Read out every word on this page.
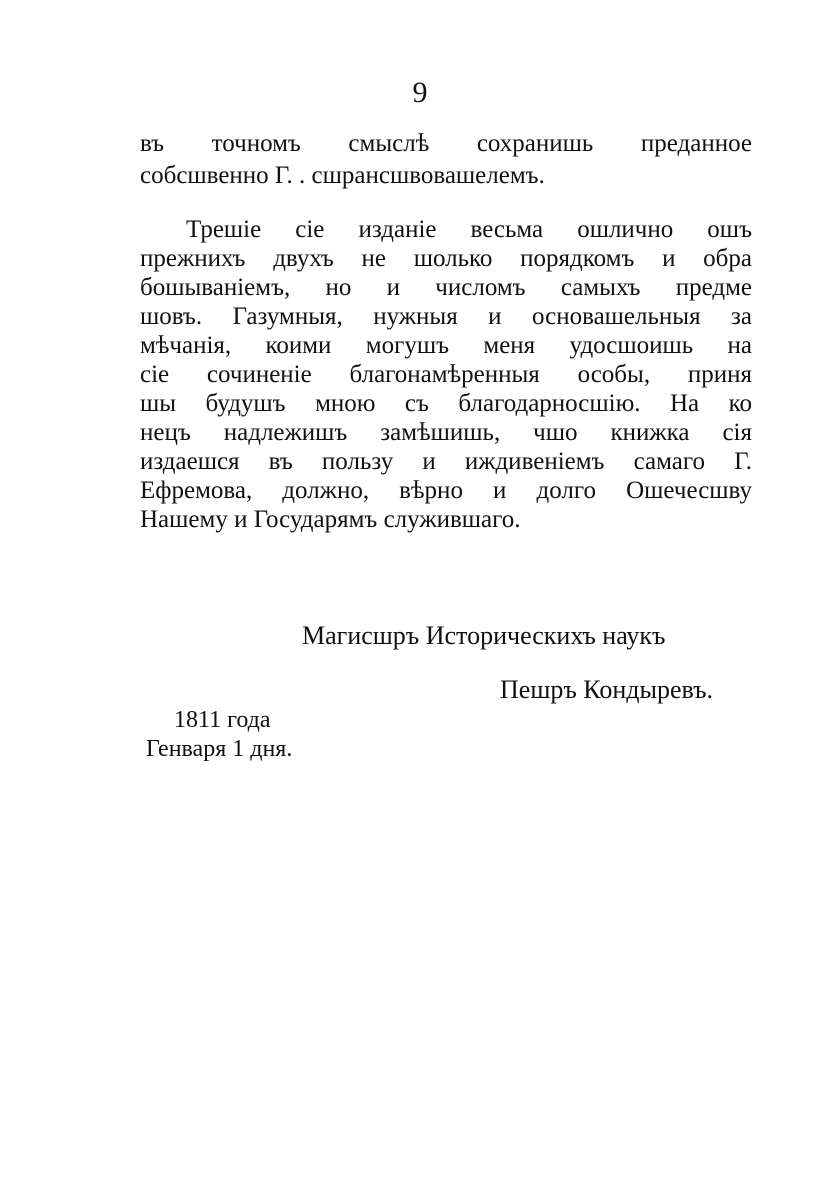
9
въ точномъ смыслѣ сохранишь преданное
собсшвенно Г. . сшрансшвовашелемъ.
Трешіе сіе изданіе весьма ошлично ошъ
прежнихъ двухъ не шолько порядкомъ и обра
бошываніемъ, но и числомъ самыхъ предме
шовъ. Газумныя, нужныя и основашельныя за
мѣчанія, коими могушъ меня удосшоишь на
сіе сочиненіе благонамѣренныя особы, приня
шы будушъ мною съ благодарносшію. На ко
нецъ надлежишъ замѣшишь, чшо книжка сія
издаешся въ пользу и иждивеніемъ самаго Г.
Ефремова, должно, вѣрно и долго Ошечесшву
Нашему и Государямъ служившаго.
Магисшръ Историческихъ наукъ
Пешръ Кондыревъ.
1811 года
Генваря 1 дня.
